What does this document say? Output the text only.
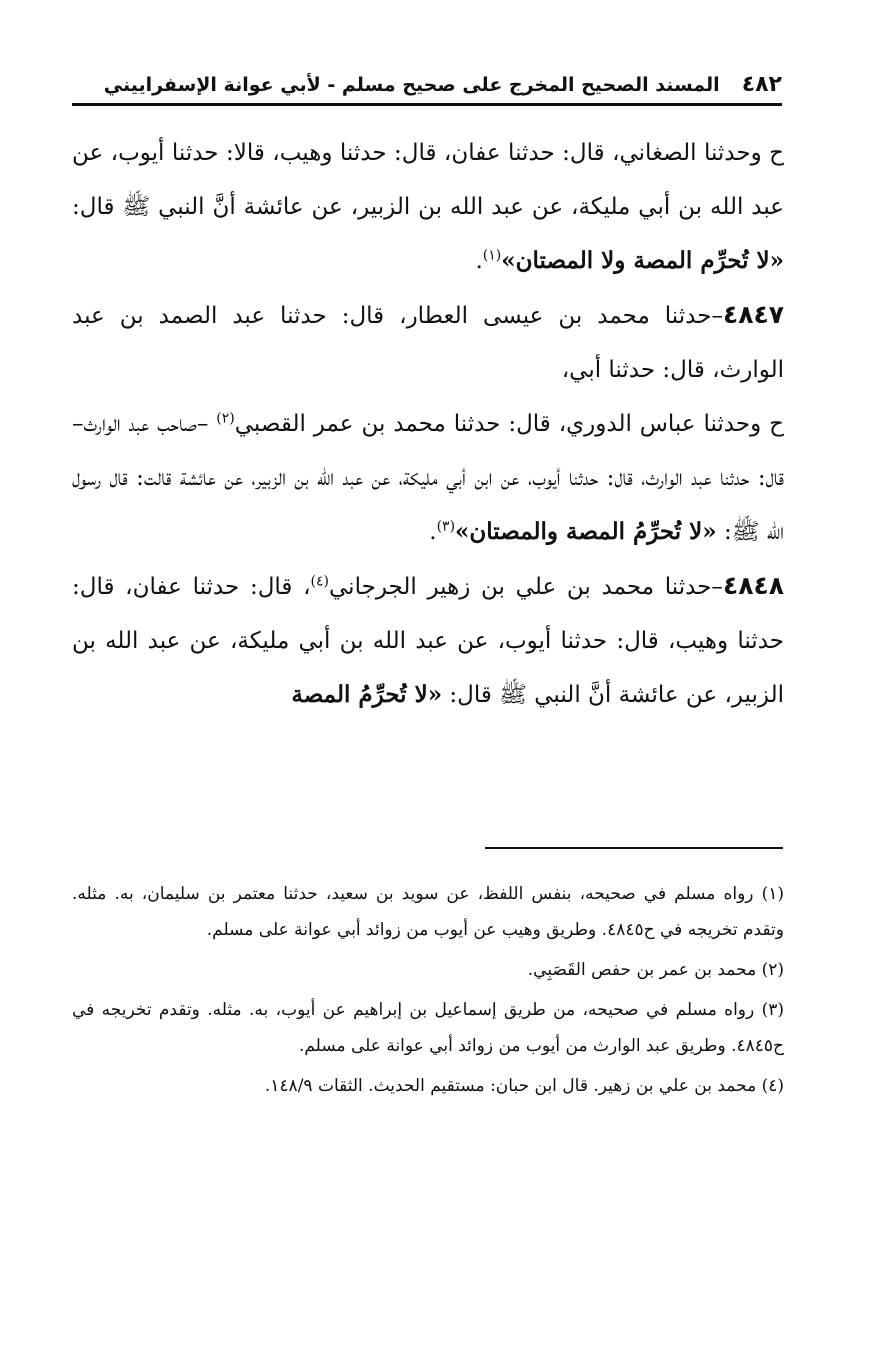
٤٨٢
المسند الصحيح المخرج على صحيح مسلم - لأبي عوانة الإسفراييني

ح وحدثنا الصغاني، قال: حدثنا عفان، قال: حدثنا وهيب، قالا: حدثنا أيوب، عن عبد الله بن أبي مليكة، عن عبد الله بن الزبير، عن عائشة أنَّ النبي ﷺ قال: «لا تُحرِّم المصة ولا المصتان»$^{(١)}$.

٤٨٤٧–حدثنا محمد بن عيسى العطار، قال: حدثنا عبد الصمد بن عبد الوارث، قال: حدثنا أبي،

ح وحدثنا عباس الدوري، قال: حدثنا محمد بن عمر القصبي$^{(٢)}$ –صاحب عبد الوارث– قال: حدثنا عبد الوارث، قال: حدثنا أيوب، عن ابن أبي مليكة، عن عبد الله بن الزبير، عن عائشة قالت: قال رسول الله ﷺ: «لا تُحرِّمُ المصة والمصتان»$^{(٣)}$.

٤٨٤٨–حدثنا محمد بن علي بن زهير الجرجاني$^{(٤)}$، قال: حدثنا عفان، قال: حدثنا وهيب، قال: حدثنا أيوب، عن عبد الله بن أبي مليكة، عن عبد الله بن الزبير، عن عائشة أنَّ النبي ﷺ قال: «لا تُحرِّمُ المصة

(١) رواه مسلم في صحيحه، بنفس اللفظ، عن سويد بن سعيد، حدثنا معتمر بن سليمان، به. مثله. وتقدم تخريجه في ح٤٨٤٥. وطريق وهيب عن أيوب من زوائد أبي عوانة على مسلم.

(٢) محمد بن عمر بن حفص القَصَبِي.

(٣) رواه مسلم في صحيحه، من طريق إسماعيل بن إبراهيم عن أيوب، به. مثله. وتقدم تخريجه في ح٤٨٤٥. وطريق عبد الوارث من أيوب من زوائد أبي عوانة على مسلم.

(٤) محمد بن علي بن زهير. قال ابن حبان: مستقيم الحديث. الثقات ١٤٨/٩.
